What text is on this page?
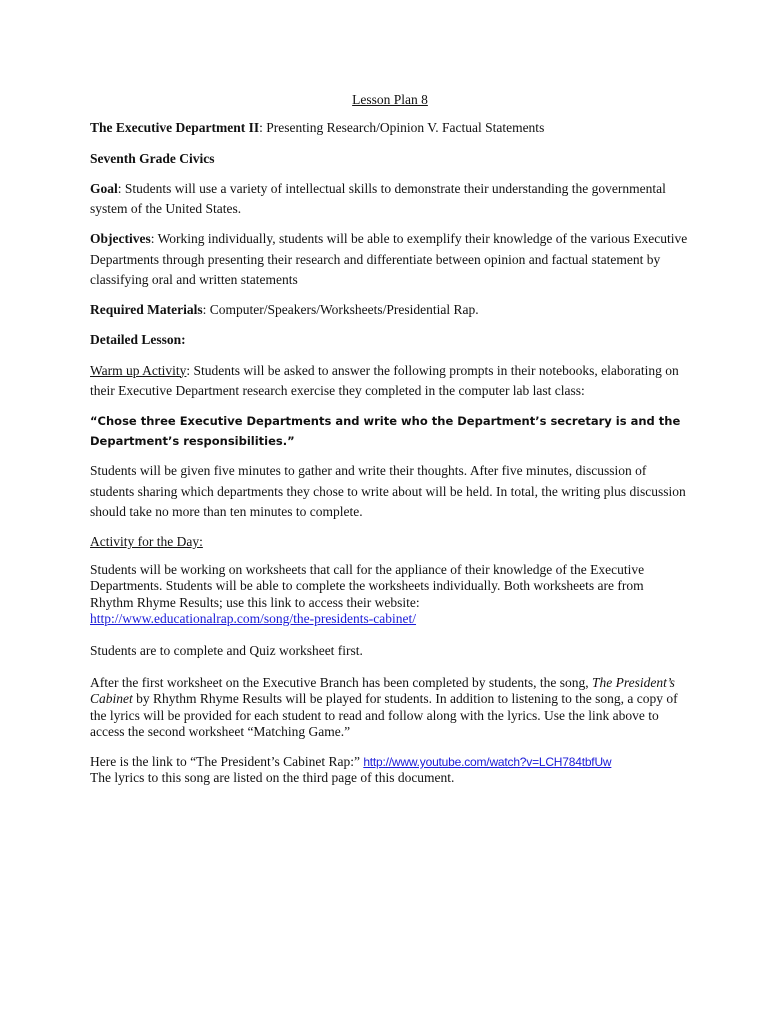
Lesson Plan 8

The Executive Department II: Presenting Research/Opinion V. Factual Statements

Seventh Grade Civics

Goal: Students will use a variety of intellectual skills to demonstrate their understanding the governmental system of the United States.

Objectives: Working individually, students will be able to exemplify their knowledge of the various Executive Departments through presenting their research and differentiate between opinion and factual statement by classifying oral and written statements

Required Materials: Computer/Speakers/Worksheets/Presidential Rap.

Detailed Lesson:

Warm up Activity: Students will be asked to answer the following prompts in their notebooks, elaborating on their Executive Department research exercise they completed in the computer lab last class:

“Chose three Executive Departments and write who the Department’s secretary is and the Department’s responsibilities.”

Students will be given five minutes to gather and write their thoughts. After five minutes, discussion of students sharing which departments they chose to write about will be held. In total, the writing plus discussion should take no more than ten minutes to complete.

Activity for the Day:

Students will be working on worksheets that call for the appliance of their knowledge of the Executive Departments. Students will be able to complete the worksheets individually. Both worksheets are from Rhythm Rhyme Results; use this link to access their website:
http://www.educationalrap.com/song/the-presidents-cabinet/

Students are to complete and Quiz worksheet first.

After the first worksheet on the Executive Branch has been completed by students, the song, The President’s Cabinet by Rhythm Rhyme Results will be played for students. In addition to listening to the song, a copy of the lyrics will be provided for each student to read and follow along with the lyrics. Use the link above to access the second worksheet “Matching Game.”

Here is the link to “The President’s Cabinet Rap:” http://www.youtube.com/watch?v=LCH784tbfUw
The lyrics to this song are listed on the third page of this document.
